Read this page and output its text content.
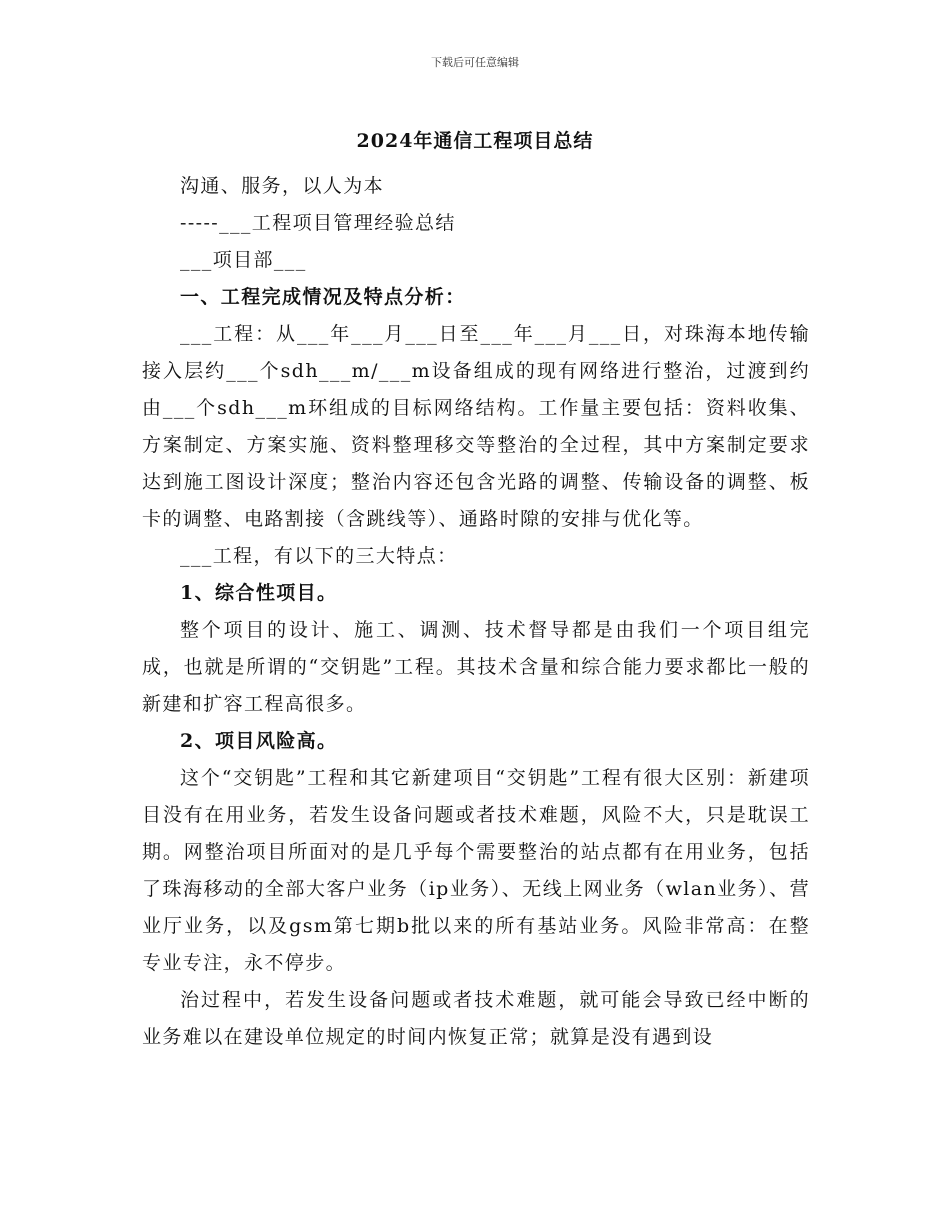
下载后可任意编辑
2024年通信工程项目总结

沟通、服务，以人为本

-----___工程项目管理经验总结

___项目部___

一、工程完成情况及特点分析：

___工程：从___年___月___日至___年___月___日，对珠海本地传输接入层约___个sdh___m/___m设备组成的现有网络进行整治，过渡到约由___个sdh___m环组成的目标网络结构。工作量主要包括：资料收集、方案制定、方案实施、资料整理移交等整治的全过程，其中方案制定要求达到施工图设计深度；整治内容还包含光路的调整、传输设备的调整、板卡的调整、电路割接（含跳线等）、通路时隙的安排与优化等。

___工程，有以下的三大特点：

1、综合性项目。

整个项目的设计、施工、调测、技术督导都是由我们一个项目组完成，也就是所谓的“交钥匙”工程。其技术含量和综合能力要求都比一般的新建和扩容工程高很多。

2、项目风险高。

这个“交钥匙”工程和其它新建项目“交钥匙”工程有很大区别：新建项目没有在用业务，若发生设备问题或者技术难题，风险不大，只是耽误工期。网整治项目所面对的是几乎每个需要整治的站点都有在用业务，包括了珠海移动的全部大客户业务（ip业务）、无线上网业务（wlan业务）、营业厅业务，以及gsm第七期b批以来的所有基站业务。风险非常高：在整专业专注，永不停步。

治过程中，若发生设备问题或者技术难题，就可能会导致已经中断的业务难以在建设单位规定的时间内恢复正常；就算是没有遇到设
